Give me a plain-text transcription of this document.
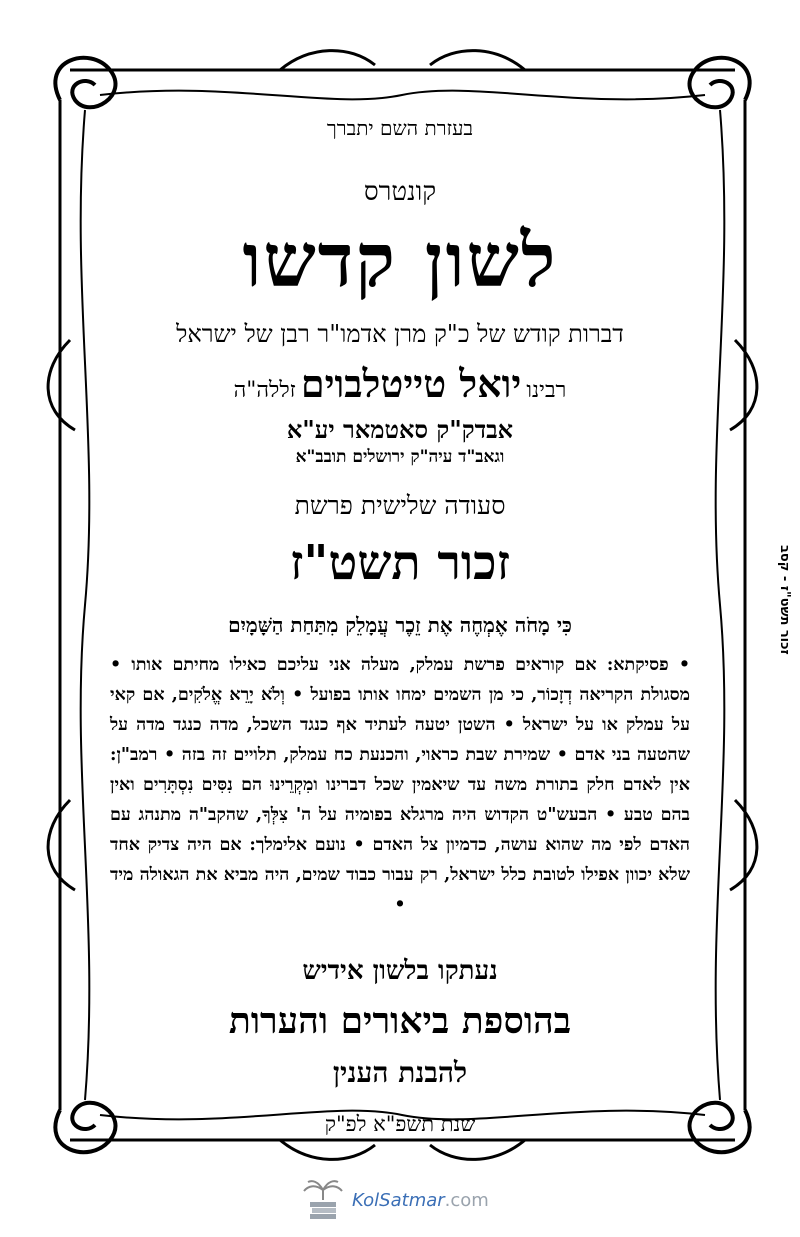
זכור תשט"ז - קסב

בעזרת השם יתברך

קונטרס

לשון קדשו

דברות קודש של כ"ק מרן אדמו"ר רבן של ישראל

רבינו יואל טייטלבוים זללה"ה

אבדק"ק סאטמאר יע"א

וגאב"ד עיה"ק ירושלים תובב"א

סעודה שלישית פרשת

זכור תשט"ז

כִּי מָחֹה אֶמְחֶה אֶת זֵכֶר עֲמָלֵק מִתַּחַת הַשָּׁמָיִם

• פסיקתא: אם קוראים פרשת עמלק, מעלה אני עליכם כאילו מחיתם אותו • מסגולת הקריאה דְזָכוֹר, כי מן השמים ימחו אותו בפועל • וְלֹא יָרֵא אֱלֹקִים, אם קאי על עמלק או על ישראל • השטן יטעה לעתיד אף כנגד השכל, מדה כנגד מדה על שהטעה בני אדם • שמירת שבת כראוי, והכנעת כח עמלק, תלויים זה בזה • רמב"ן: אין לאדם חלק בתורת משה עד שיאמין שכל דברינו ומִקְרֵינוּ הם נִסִּים נִסְתָּרִים ואין בהם טבע • הבעש"ט הקדוש היה מרגלא בפומיה על ה' צִלְּךָ, שהקב"ה מתנהג עם האדם לפי מה שהוא עושה, כדמיון צל האדם • נועם אלימלך: אם היה צדיק אחד שלא יכוון אפילו לטובת כלל ישראל, רק עבור כבוד שמים, היה מביא את הגאולה מיד •

נעתקו בלשון אידיש

בהוספת ביאורים והערות

להבנת הענין

שנת תשפ"א לפ"ק

KolSatmar.com
